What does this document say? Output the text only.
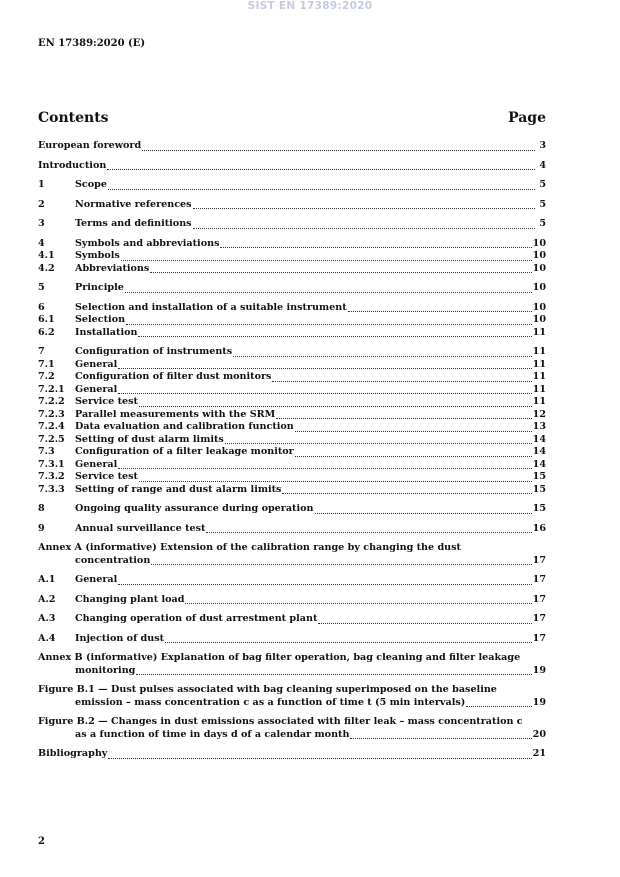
SIST EN 17389:2020
EN 17389:2020 (E)
Contents	Page
European foreword	3
Introduction	4
1	Scope	5
2	Normative references	5
3	Terms and definitions	5
4	Symbols and abbreviations	10
4.1	Symbols	10
4.2	Abbreviations	10
5	Principle	10
6	Selection and installation of a suitable instrument	10
6.1	Selection	10
6.2	Installation	11
7	Configuration of instruments	11
7.1	General	11
7.2	Configuration of filter dust monitors	11
7.2.1	General	11
7.2.2	Service test	11
7.2.3	Parallel measurements with the SRM	12
7.2.4	Data evaluation and calibration function	13
7.2.5	Setting of dust alarm limits	14
7.3	Configuration of a filter leakage monitor	14
7.3.1	General	14
7.3.2	Service test	15
7.3.3	Setting of range and dust alarm limits	15
8	Ongoing quality assurance during operation	15
9	Annual surveillance test	16
Annex A (informative) Extension of the calibration range by changing the dust
concentration	17
A.1	General	17
A.2	Changing plant load	17
A.3	Changing operation of dust arrestment plant	17
A.4	Injection of dust	17
Annex B (informative) Explanation of bag filter operation, bag cleaning and filter leakage
monitoring	19
Figure B.1 — Dust pulses associated with bag cleaning superimposed on the baseline
emission – mass concentration c as a function of time t (5 min intervals)	19
Figure B.2 — Changes in dust emissions associated with filter leak – mass concentration c
as a function of time in days d of a calendar month	20
Bibliography	21
2
